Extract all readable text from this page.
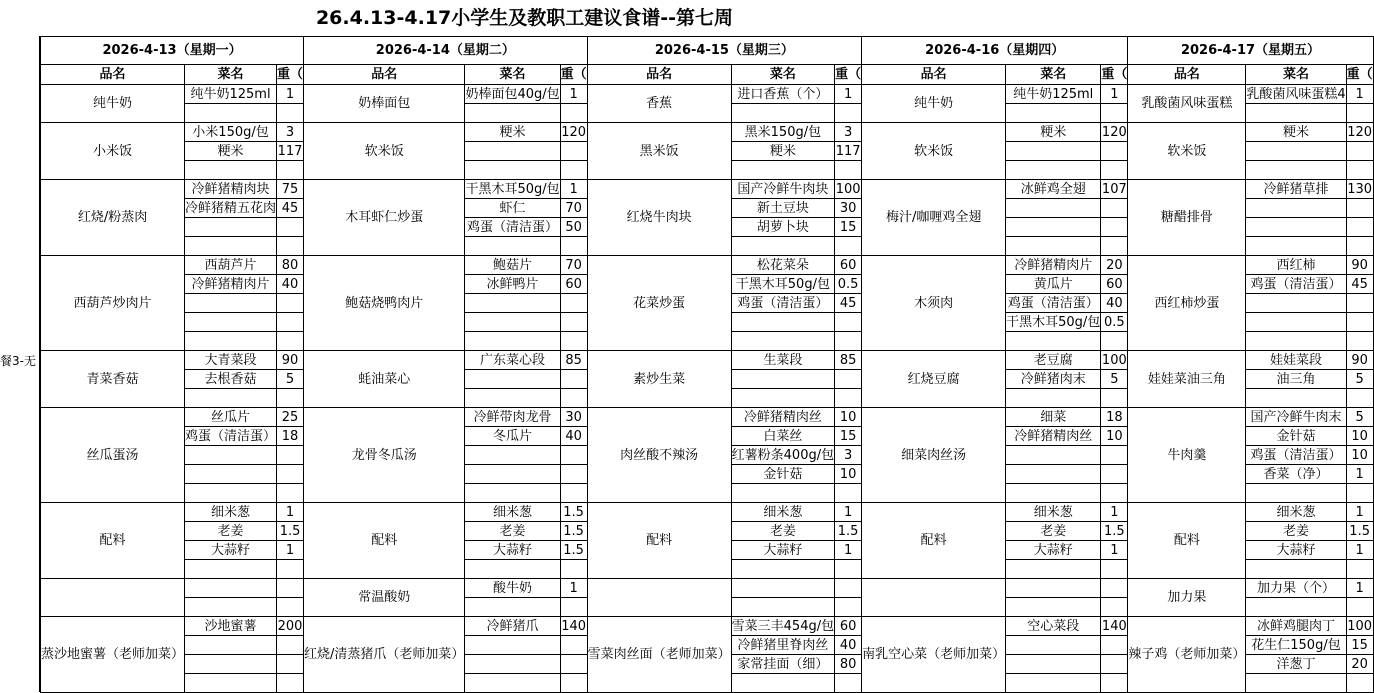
26.4.13-4.17小学生及教职工建议食谱--第七周
餐3-无
2026-4-13（星期一）			2026-4-14（星期二）			2026-4-15（星期三）			2026-4-16（星期四）			2026-4-17（星期五）		
品名	菜名	重（	品名	菜名	重（	品名	菜名	重（	品名	菜名	重（	品名	菜名	重（
纯牛奶	纯牛奶125ml	1	奶棒面包	奶棒面包40g/包	1	香蕉	进口香蕉（个）	1	纯牛奶	纯牛奶125ml	1	乳酸菌风味蛋糕	乳酸菌风味蛋糕4	1

小米饭	小米150g/包	3	软米饭	粳米	120	黑米饭	黑米150g/包	3	软米饭	粳米	120	软米饭	粳米	120
	粳米	117					粳米	117						

红烧/粉蒸肉	冷鲜猪精肉块	75	木耳虾仁炒蛋	干黑木耳50g/包	1	红烧牛肉块	国产冷鲜牛肉块	100	梅汁/咖喱鸡全翅	冰鲜鸡全翅	107	糖醋排骨	冷鲜猪草排	130
	冷鲜猪精五花肉	45		虾仁	70		新土豆块	30						
				鸡蛋（清洁蛋）	50		胡萝卜块	15						

西葫芦炒肉片	西葫芦片	80	鲍菇烧鸭肉片	鲍菇片	70	花菜炒蛋	松花菜朵	60	木须肉	冷鲜猪精肉片	20	西红柿炒蛋	西红柿	90
	冷鲜猪精肉片	40		冰鲜鸭片	60		干黑木耳50g/包	0.5		黄瓜片	60		鸡蛋（清洁蛋）	45
							鸡蛋（清洁蛋）	45		鸡蛋（清洁蛋）	40			
										干黑木耳50g/包	0.5			

青菜香菇	大青菜段	90	蚝油菜心	广东菜心段	85	素炒生菜	生菜段	85	红烧豆腐	老豆腐	100	娃娃菜油三角	娃娃菜段	90
	去根香菇	5								冷鲜猪肉末	5		油三角	5

丝瓜蛋汤	丝瓜片	25	龙骨冬瓜汤	冷鲜带肉龙骨	30	肉丝酸不辣汤	冷鲜猪精肉丝	10	细菜肉丝汤	细菜	18	牛肉羹	国产冷鲜牛肉末	5
	鸡蛋（清洁蛋）	18		冬瓜片	40		白菜丝	15		冷鲜猪精肉丝	10		金针菇	10
							红薯粉条400g/包	3					鸡蛋（清洁蛋）	10
							金针菇	10					香菜（净）	1

配料	细米葱	1	配料	细米葱	1.5	配料	细米葱	1	配料	细米葱	1	配料	细米葱	1
	老姜	1.5		老姜	1.5		老姜	1.5		老姜	1.5		老姜	1.5
	大蒜籽	1		大蒜籽	1.5		大蒜籽	1		大蒜籽	1		大蒜籽	1

			常温酸奶	酸牛奶	1							加力果	加力果（个）	1

蒸沙地蜜薯（老师加菜）	沙地蜜薯	200	红烧/清蒸猪爪（老师加菜）	冷鲜猪爪	140	雪菜肉丝面（老师加菜）	雪菜三丰454g/包	60	南乳空心菜（老师加菜）	空心菜段	140	辣子鸡（老师加菜）	冰鲜鸡腿肉丁	100
							冷鲜猪里脊肉丝	40					花生仁150g/包	15
							家常挂面（细）	80					洋葱丁	20
